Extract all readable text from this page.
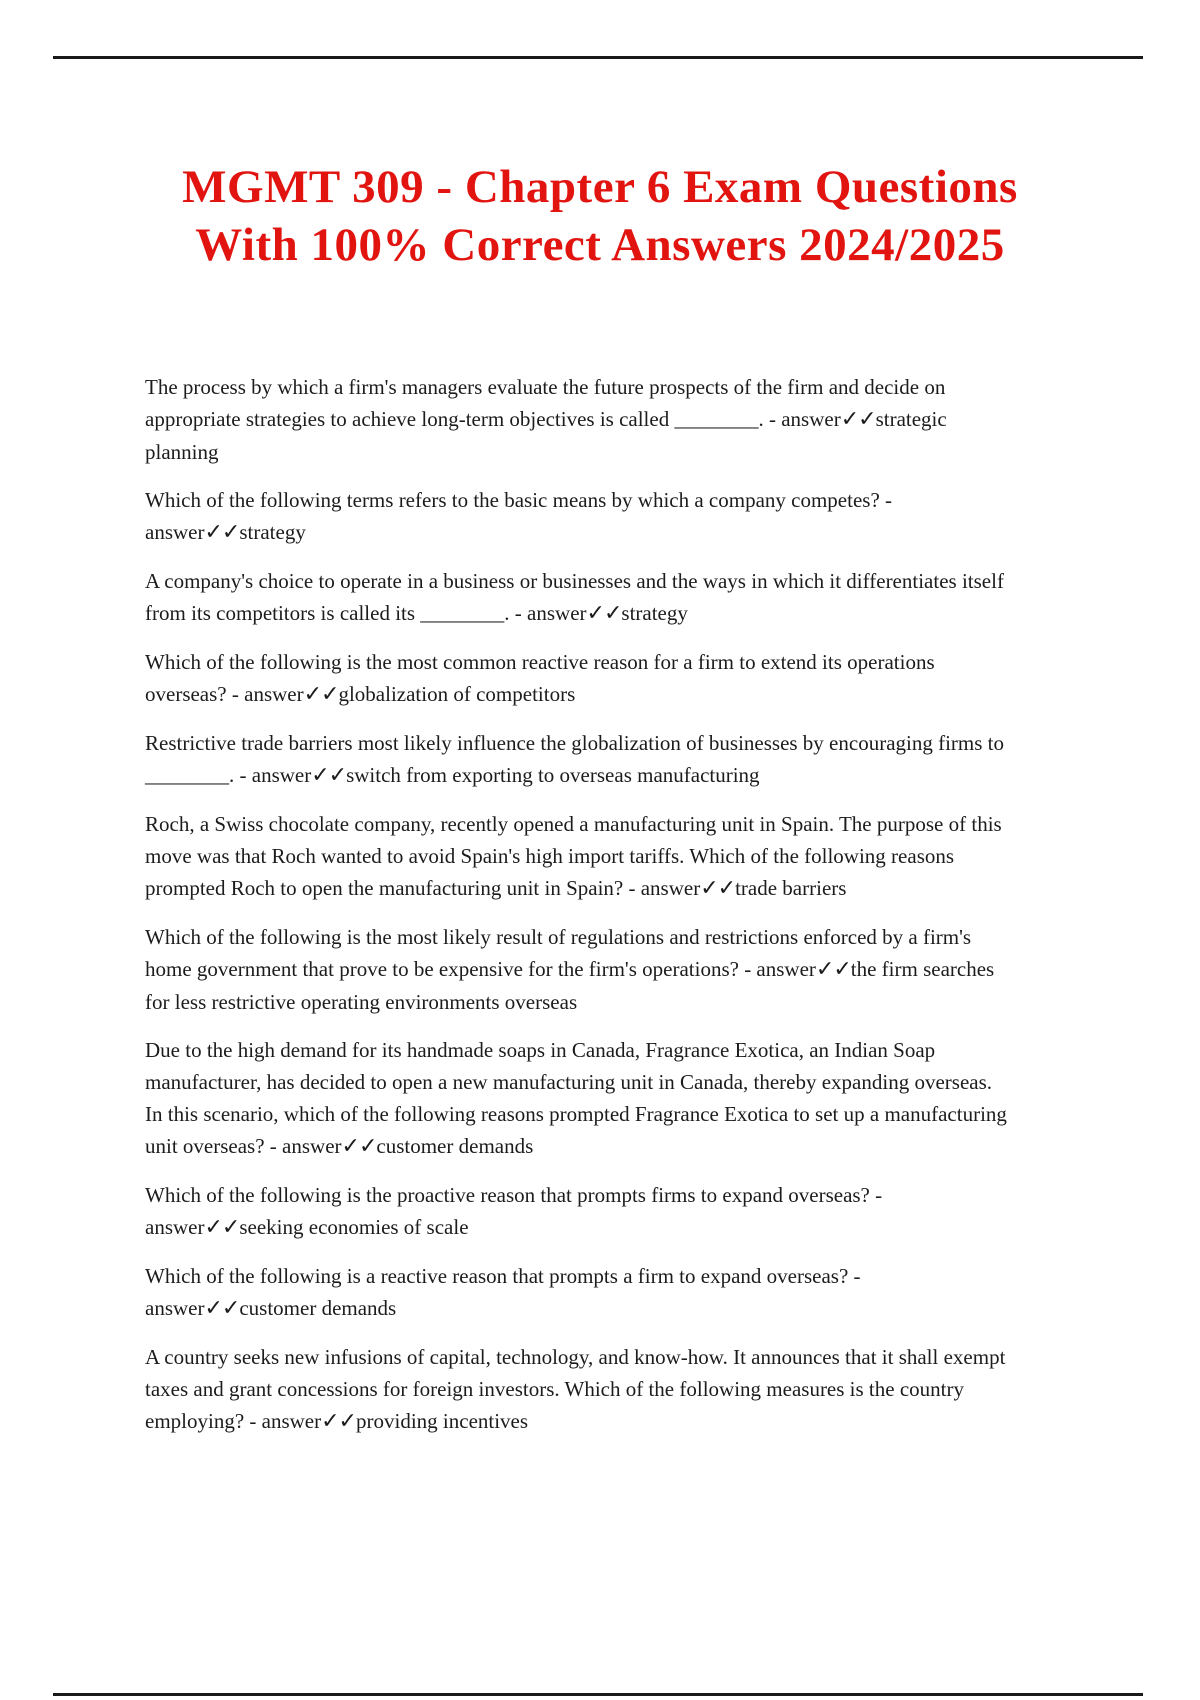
MGMT 309 - Chapter 6 Exam Questions
With 100% Correct Answers 2024/2025

The process by which a firm's managers evaluate the future prospects of the firm and decide on appropriate strategies to achieve long-term objectives is called ________. - answer✓✓strategic planning

Which of the following terms refers to the basic means by which a company competes? - answer✓✓strategy

A company's choice to operate in a business or businesses and the ways in which it differentiates itself from its competitors is called its ________. - answer✓✓strategy

Which of the following is the most common reactive reason for a firm to extend its operations overseas? - answer✓✓globalization of competitors

Restrictive trade barriers most likely influence the globalization of businesses by encouraging firms to ________. - answer✓✓switch from exporting to overseas manufacturing

Roch, a Swiss chocolate company, recently opened a manufacturing unit in Spain. The purpose of this move was that Roch wanted to avoid Spain's high import tariffs. Which of the following reasons prompted Roch to open the manufacturing unit in Spain? - answer✓✓trade barriers

Which of the following is the most likely result of regulations and restrictions enforced by a firm's home government that prove to be expensive for the firm's operations? - answer✓✓the firm searches for less restrictive operating environments overseas

Due to the high demand for its handmade soaps in Canada, Fragrance Exotica, an Indian Soap manufacturer, has decided to open a new manufacturing unit in Canada, thereby expanding overseas. In this scenario, which of the following reasons prompted Fragrance Exotica to set up a manufacturing unit overseas? - answer✓✓customer demands

Which of the following is the proactive reason that prompts firms to expand overseas? - answer✓✓seeking economies of scale

Which of the following is a reactive reason that prompts a firm to expand overseas? - answer✓✓customer demands

A country seeks new infusions of capital, technology, and know-how. It announces that it shall exempt taxes and grant concessions for foreign investors. Which of the following measures is the country employing? - answer✓✓providing incentives
